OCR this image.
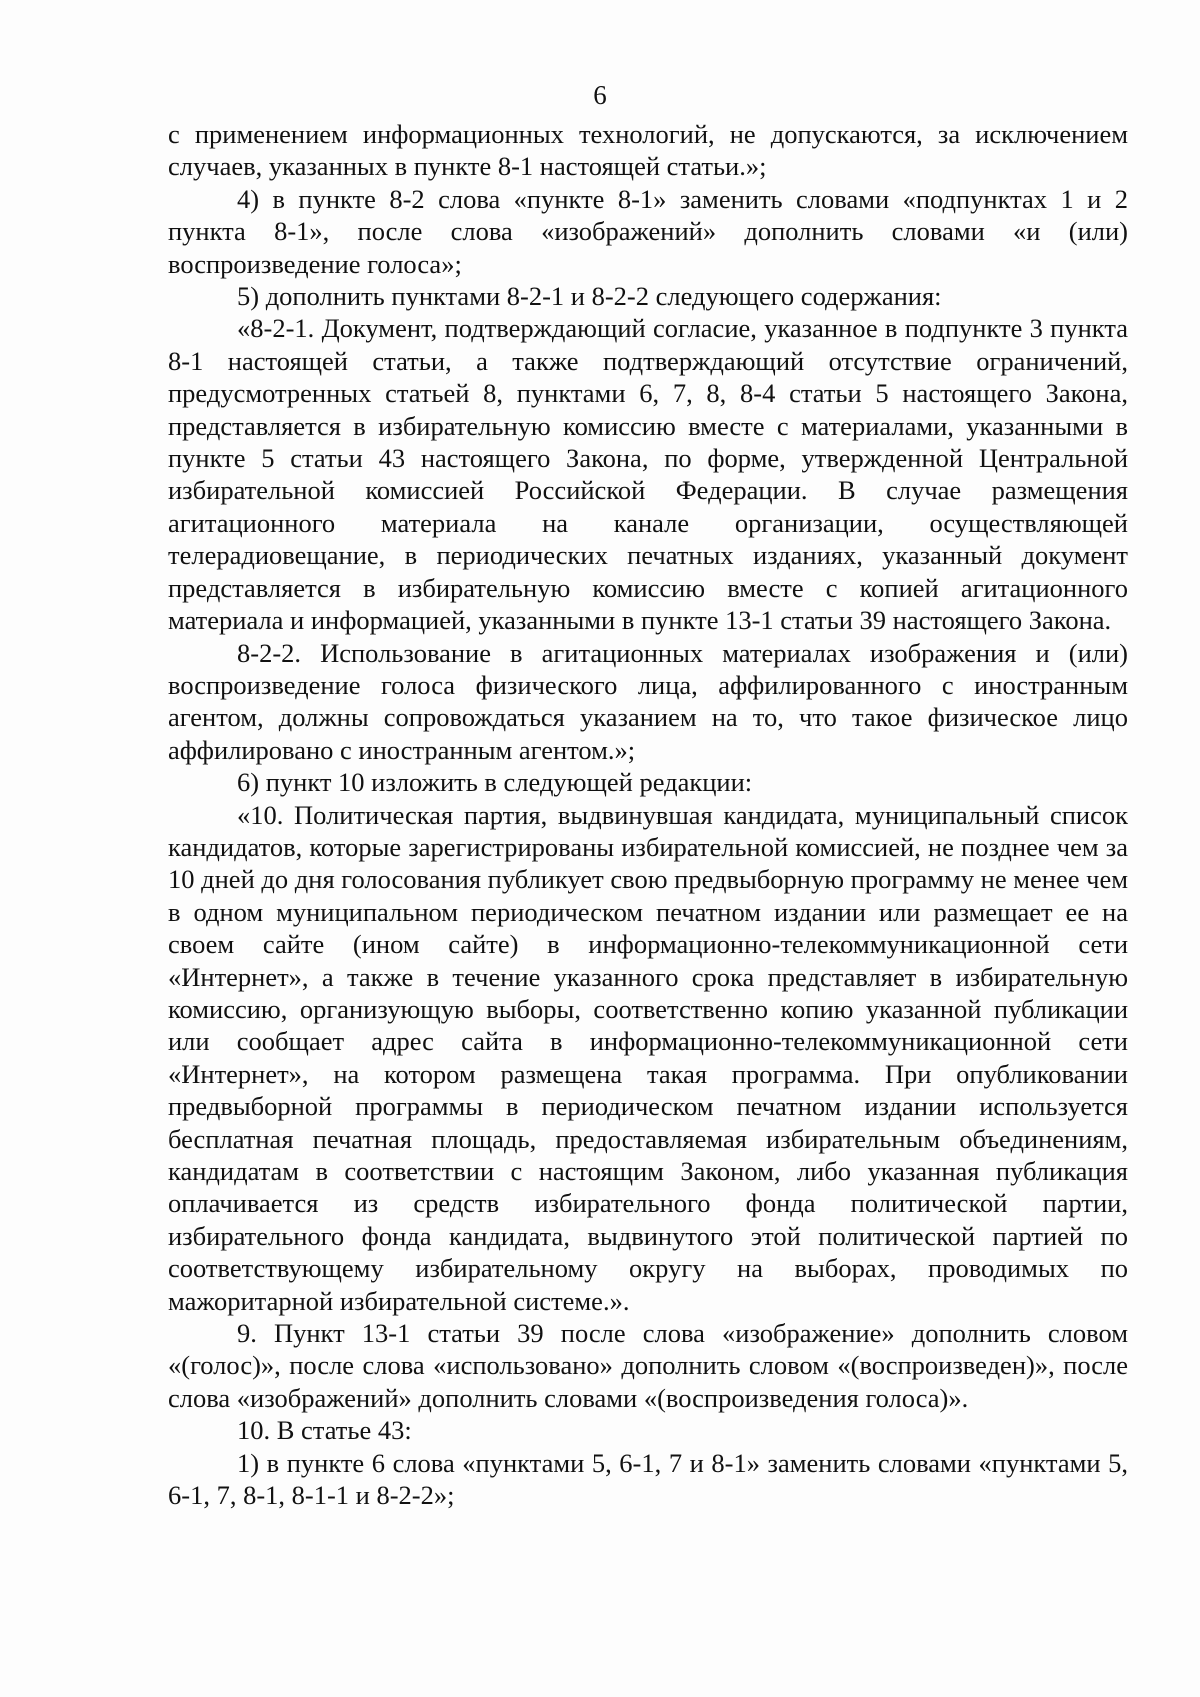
6

с применением информационных технологий, не допускаются, за исключением случаев, указанных в пункте 8-1 настоящей статьи.»;

4) в пункте 8-2 слова «пункте 8-1» заменить словами «подпунктах 1 и 2 пункта 8-1», после слова «изображений» дополнить словами «и (или) воспроизведение голоса»;

5) дополнить пунктами 8-2-1 и 8-2-2 следующего содержания:

«8-2-1. Документ, подтверждающий согласие, указанное в подпункте 3 пункта 8-1 настоящей статьи, а также подтверждающий отсутствие ограничений, предусмотренных статьей 8, пунктами 6, 7, 8, 8-4 статьи 5 настоящего Закона, представляется в избирательную комиссию вместе с материалами, указанными в пункте 5 статьи 43 настоящего Закона, по форме, утвержденной Центральной избирательной комиссией Российской Федерации. В случае размещения агитационного материала на канале организации, осуществляющей телерадиовещание, в периодических печатных изданиях, указанный документ представляется в избирательную комиссию вместе с копией агитационного материала и информацией, указанными в пункте 13-1 статьи 39 настоящего Закона.

8-2-2. Использование в агитационных материалах изображения и (или) воспроизведение голоса физического лица, аффилированного с иностранным агентом, должны сопровождаться указанием на то, что такое физическое лицо аффилировано с иностранным агентом.»;

6) пункт 10 изложить в следующей редакции:

«10. Политическая партия, выдвинувшая кандидата, муниципальный список кандидатов, которые зарегистрированы избирательной комиссией, не позднее чем за 10 дней до дня голосования публикует свою предвыборную программу не менее чем в одном муниципальном периодическом печатном издании или размещает ее на своем сайте (ином сайте) в информационно-телекоммуникационной сети «Интернет», а также в течение указанного срока представляет в избирательную комиссию, организующую выборы, соответственно копию указанной публикации или сообщает адрес сайта в информационно-телекоммуникационной сети «Интернет», на котором размещена такая программа. При опубликовании предвыборной программы в периодическом печатном издании используется бесплатная печатная площадь, предоставляемая избирательным объединениям, кандидатам в соответствии с настоящим Законом, либо указанная публикация оплачивается из средств избирательного фонда политической партии, избирательного фонда кандидата, выдвинутого этой политической партией по соответствующему избирательному округу на выборах, проводимых по мажоритарной избирательной системе.».

9. Пункт 13-1 статьи 39 после слова «изображение» дополнить словом «(голос)», после слова «использовано» дополнить словом «(воспроизведен)», после слова «изображений» дополнить словами «(воспроизведения голоса)».

10. В статье 43:

1) в пункте 6 слова «пунктами 5, 6-1, 7 и 8-1» заменить словами «пунктами 5, 6-1, 7, 8-1, 8-1-1 и 8-2-2»;
